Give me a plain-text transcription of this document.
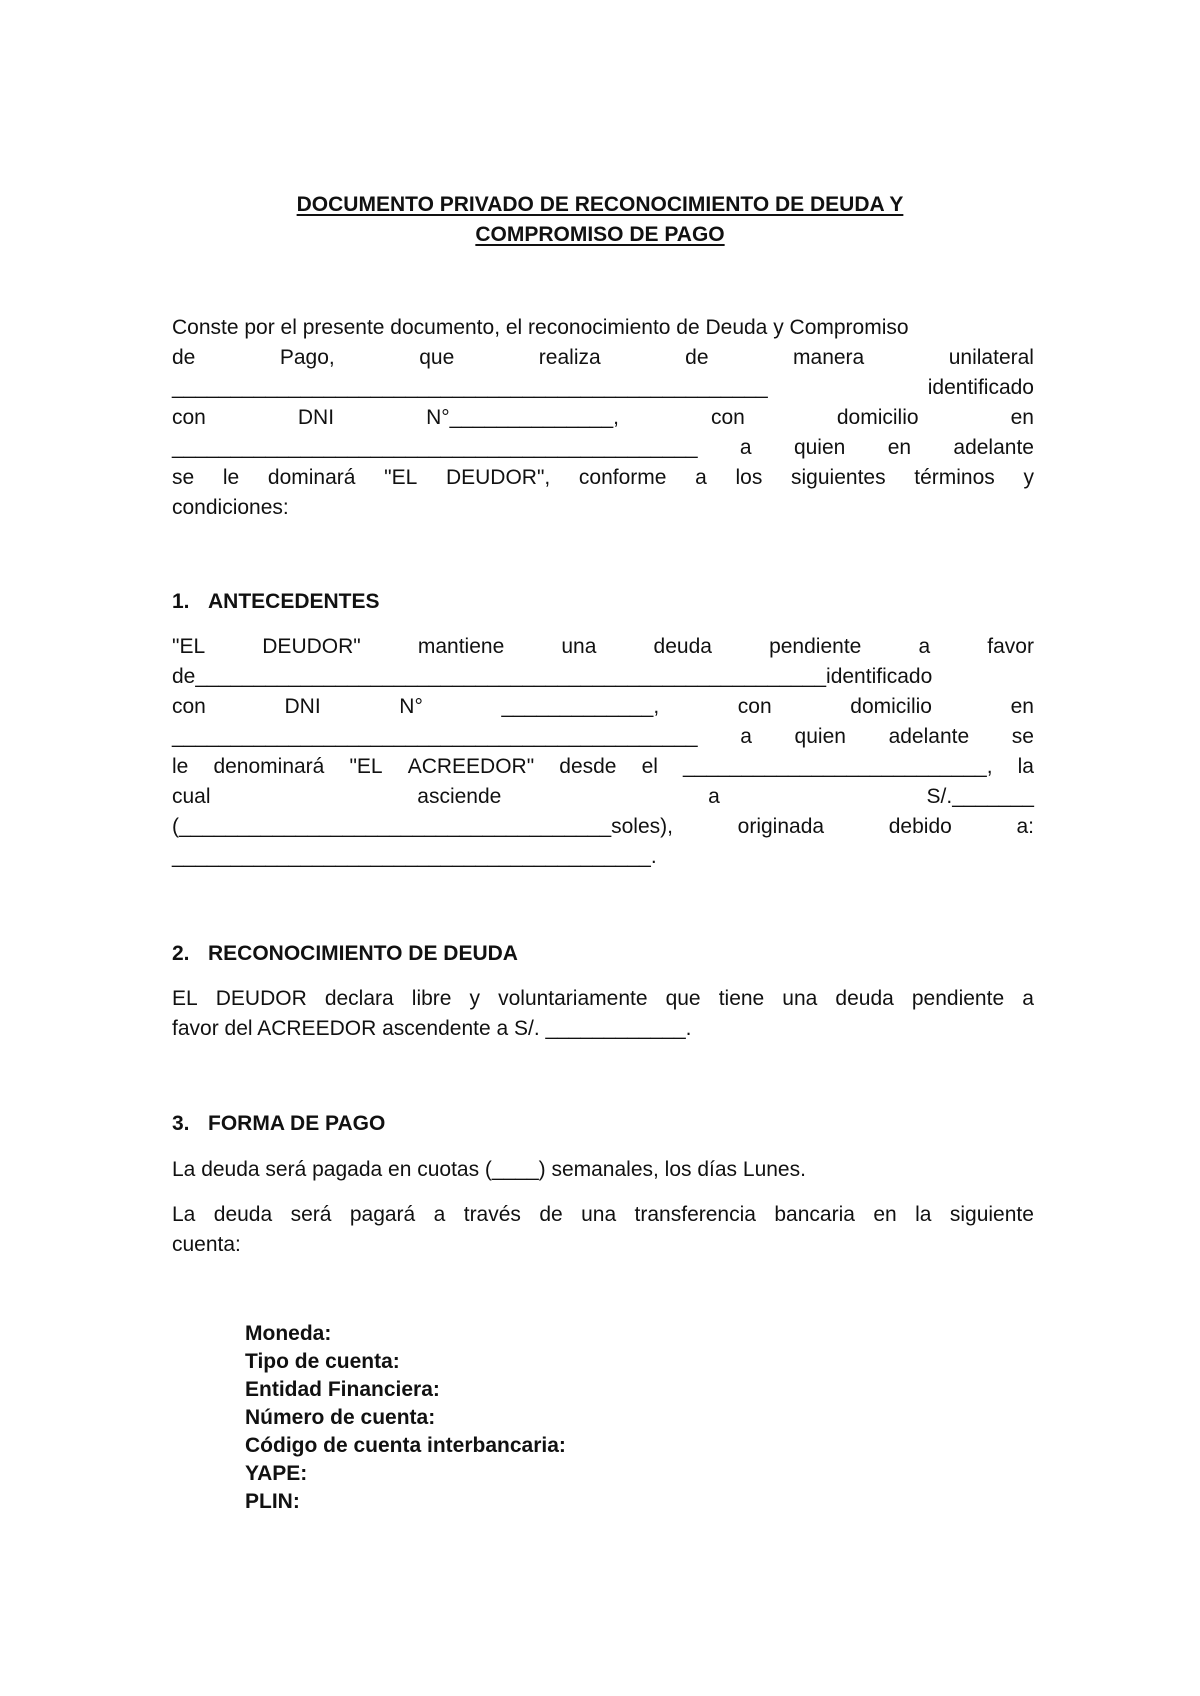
DOCUMENTO PRIVADO DE RECONOCIMIENTO DE DEUDA Y
COMPROMISO DE PAGO
Conste por el presente documento, el reconocimiento de Deuda y Compromiso
de	Pago,	que	realiza	de	manera	unilateral
___________________________________________________	identificado
con	DNI	N°______________,	con	domicilio	en
_____________________________________________ a quien en adelante
se le dominará "EL DEUDOR", conforme a los siguientes términos y
condiciones:
1. ANTECEDENTES
"EL	DEUDOR"	mantiene	una	deuda	pendiente	a	favor
de______________________________________________________identificado
con	DNI	N°	_____________,	con	domicilio	en
_____________________________________________ a quien adelante se
le denominará "EL ACREEDOR" desde el __________________________, la
cual	asciende	a	S/._______
(_____________________________________soles),	originada	debido	a:
_________________________________________.
2. RECONOCIMIENTO DE DEUDA
EL DEUDOR declara libre y voluntariamente que tiene una deuda pendiente a
favor del ACREEDOR ascendente a S/. ____________.
3. FORMA DE PAGO
La deuda será pagada en cuotas (____) semanales, los días Lunes.
La deuda será pagará a través de una transferencia bancaria en la siguiente
cuenta:
Moneda:
Tipo de cuenta:
Entidad Financiera:
Número de cuenta:
Código de cuenta interbancaria:
YAPE:
PLIN:
